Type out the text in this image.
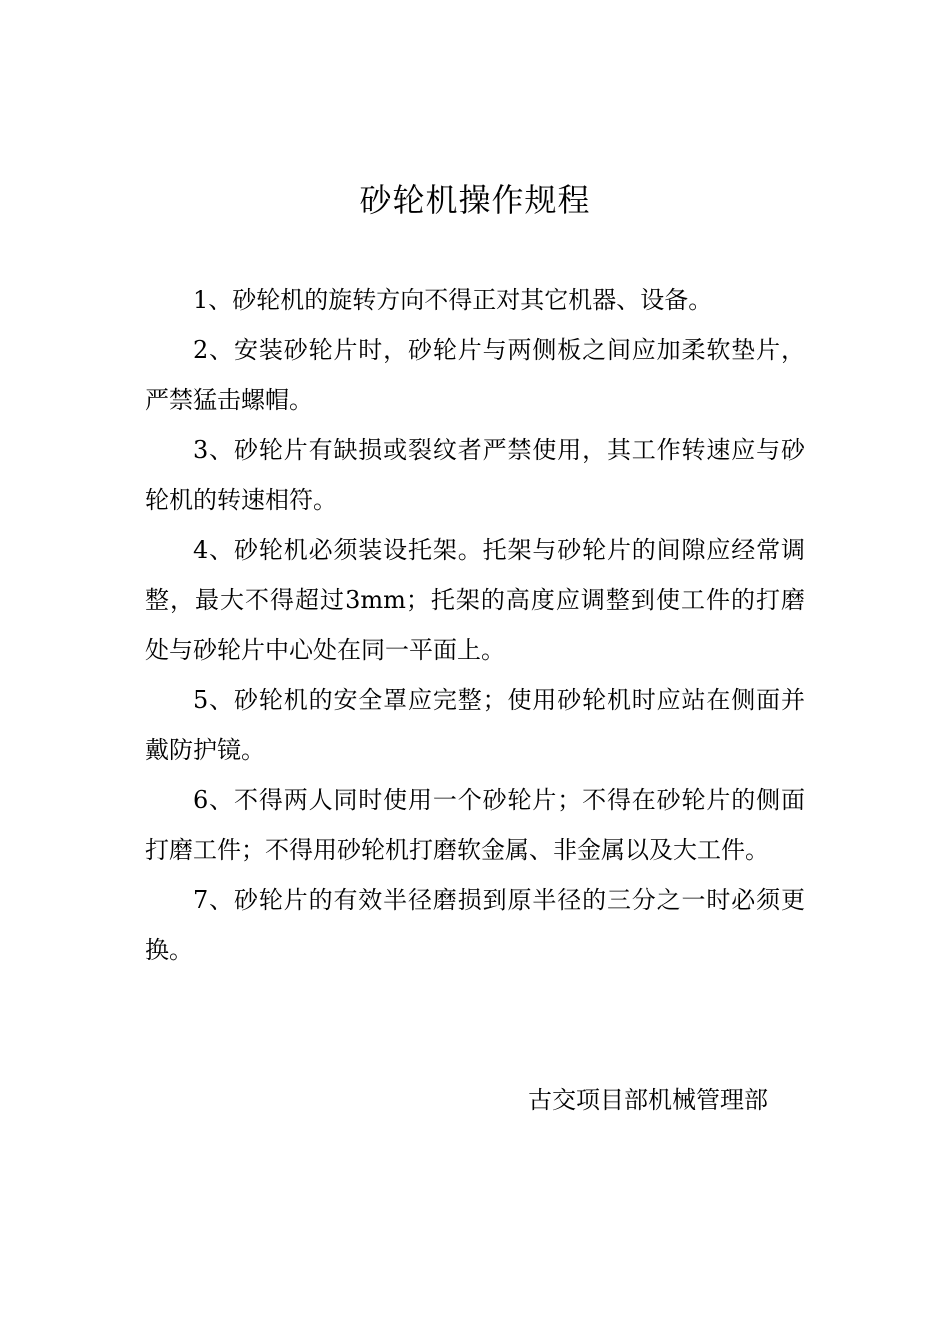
砂轮机操作规程

1、砂轮机的旋转方向不得正对其它机器、设备。

2、安装砂轮片时，砂轮片与两侧板之间应加柔软垫片，严禁猛击螺帽。

3、砂轮片有缺损或裂纹者严禁使用，其工作转速应与砂轮机的转速相符。

4、砂轮机必须装设托架。托架与砂轮片的间隙应经常调整，最大不得超过3mm；托架的高度应调整到使工件的打磨处与砂轮片中心处在同一平面上。

5、砂轮机的安全罩应完整；使用砂轮机时应站在侧面并戴防护镜。

6、不得两人同时使用一个砂轮片；不得在砂轮片的侧面打磨工件；不得用砂轮机打磨软金属、非金属以及大工件。

7、砂轮片的有效半径磨损到原半径的三分之一时必须更换。

古交项目部机械管理部
